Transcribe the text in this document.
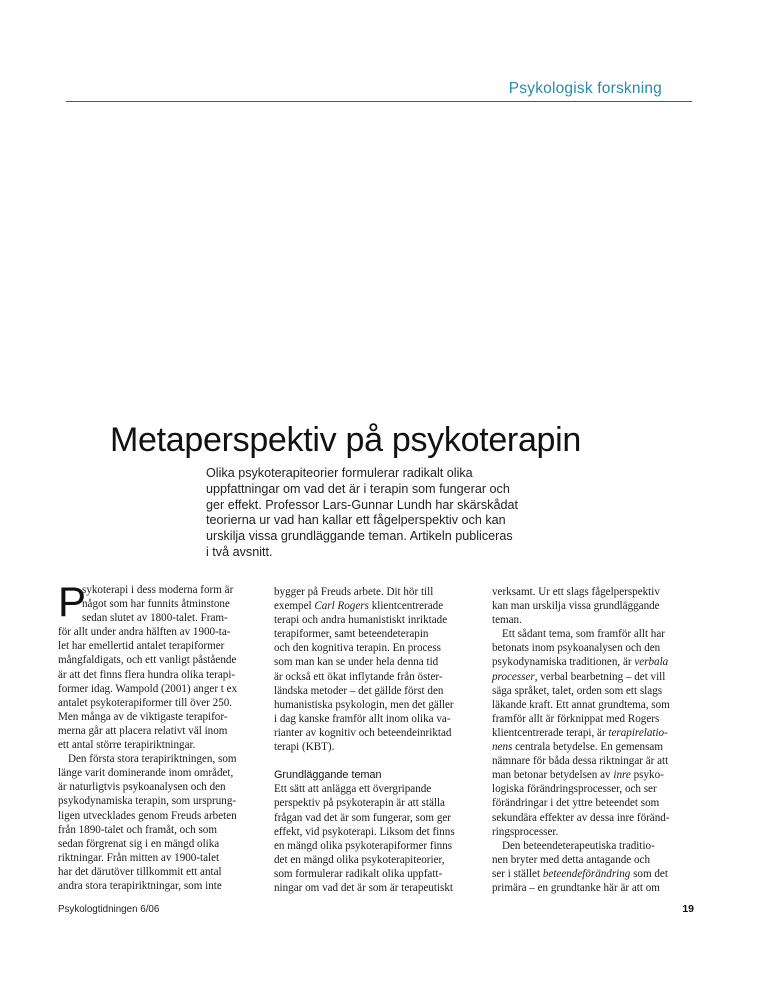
Psykologisk forskning
Metaperspektiv på psykoterapin
Olika psykoterapiteorier formulerar radikalt olika
uppfattningar om vad det är i terapin som fungerar och
ger effekt. Professor Lars-Gunnar Lundh har skärskådat
teorierna ur vad han kallar ett fågelperspektiv och kan
urskilja vissa grundläggande teman. Artikeln publiceras
i två avsnitt.
P
sykoterapi i dess moderna form är
något som har funnits åtminstone
sedan slutet av 1800-talet. Fram-
för allt under andra hälften av 1900-ta-
let har emellertid antalet terapiformer
mångfaldigats, och ett vanligt påstående
är att det finns flera hundra olika terapi-
former idag. Wampold (2001) anger t ex
antalet psykoterapiformer till över 250.
Men många av de viktigaste terapifor-
merna går att placera relativt väl inom
ett antal större terapiriktningar.
Den första stora terapiriktningen, som
länge varit dominerande inom området,
är naturligtvis psykoanalysen och den
psykodynamiska terapin, som ursprung-
ligen utvecklades genom Freuds arbeten
från 1890-talet och framåt, och som
sedan förgrenat sig i en mängd olika
riktningar. Från mitten av 1900-talet
har det därutöver tillkommit ett antal
andra stora terapiriktningar, som inte
bygger på Freuds arbete. Dit hör till
exempel Carl Rogers klientcentrerade
terapi och andra humanistiskt inriktade
terapiformer, samt beteendeterapin
och den kognitiva terapin. En process
som man kan se under hela denna tid
är också ett ökat inflytande från öster-
ländska metoder – det gällde först den
humanistiska psykologin, men det gäller
i dag kanske framför allt inom olika va-
rianter av kognitiv och beteendeinriktad
terapi (KBT).
Grundläggande teman
Ett sätt att anlägga ett övergripande
perspektiv på psykoterapin är att ställa
frågan vad det är som fungerar, som ger
effekt, vid psykoterapi. Liksom det finns
en mängd olika psykoterapiformer finns
det en mängd olika psykoterapiteorier,
som formulerar radikalt olika uppfatt-
ningar om vad det är som är terapeutiskt
verksamt. Ur ett slags fågelperspektiv
kan man urskilja vissa grundläggande
teman.
Ett sådant tema, som framför allt har
betonats inom psykoanalysen och den
psykodynamiska traditionen, är verbala
processer, verbal bearbetning – det vill
säga språket, talet, orden som ett slags
läkande kraft. Ett annat grundtema, som
framför allt är förknippat med Rogers
klientcentrerade terapi, är terapirelatio-
nens centrala betydelse. En gemensam
nämnare för båda dessa riktningar är att
man betonar betydelsen av inre psyko-
logiska förändringsprocesser, och ser
förändringar i det yttre beteendet som
sekundära effekter av dessa inre föränd-
ringsprocesser.
Den beteendeterapeutiska traditio-
nen bryter med detta antagande och
ser i stället beteendeförändring som det
primära – en grundtanke här är att om
Psykologtidningen 6/06	19
